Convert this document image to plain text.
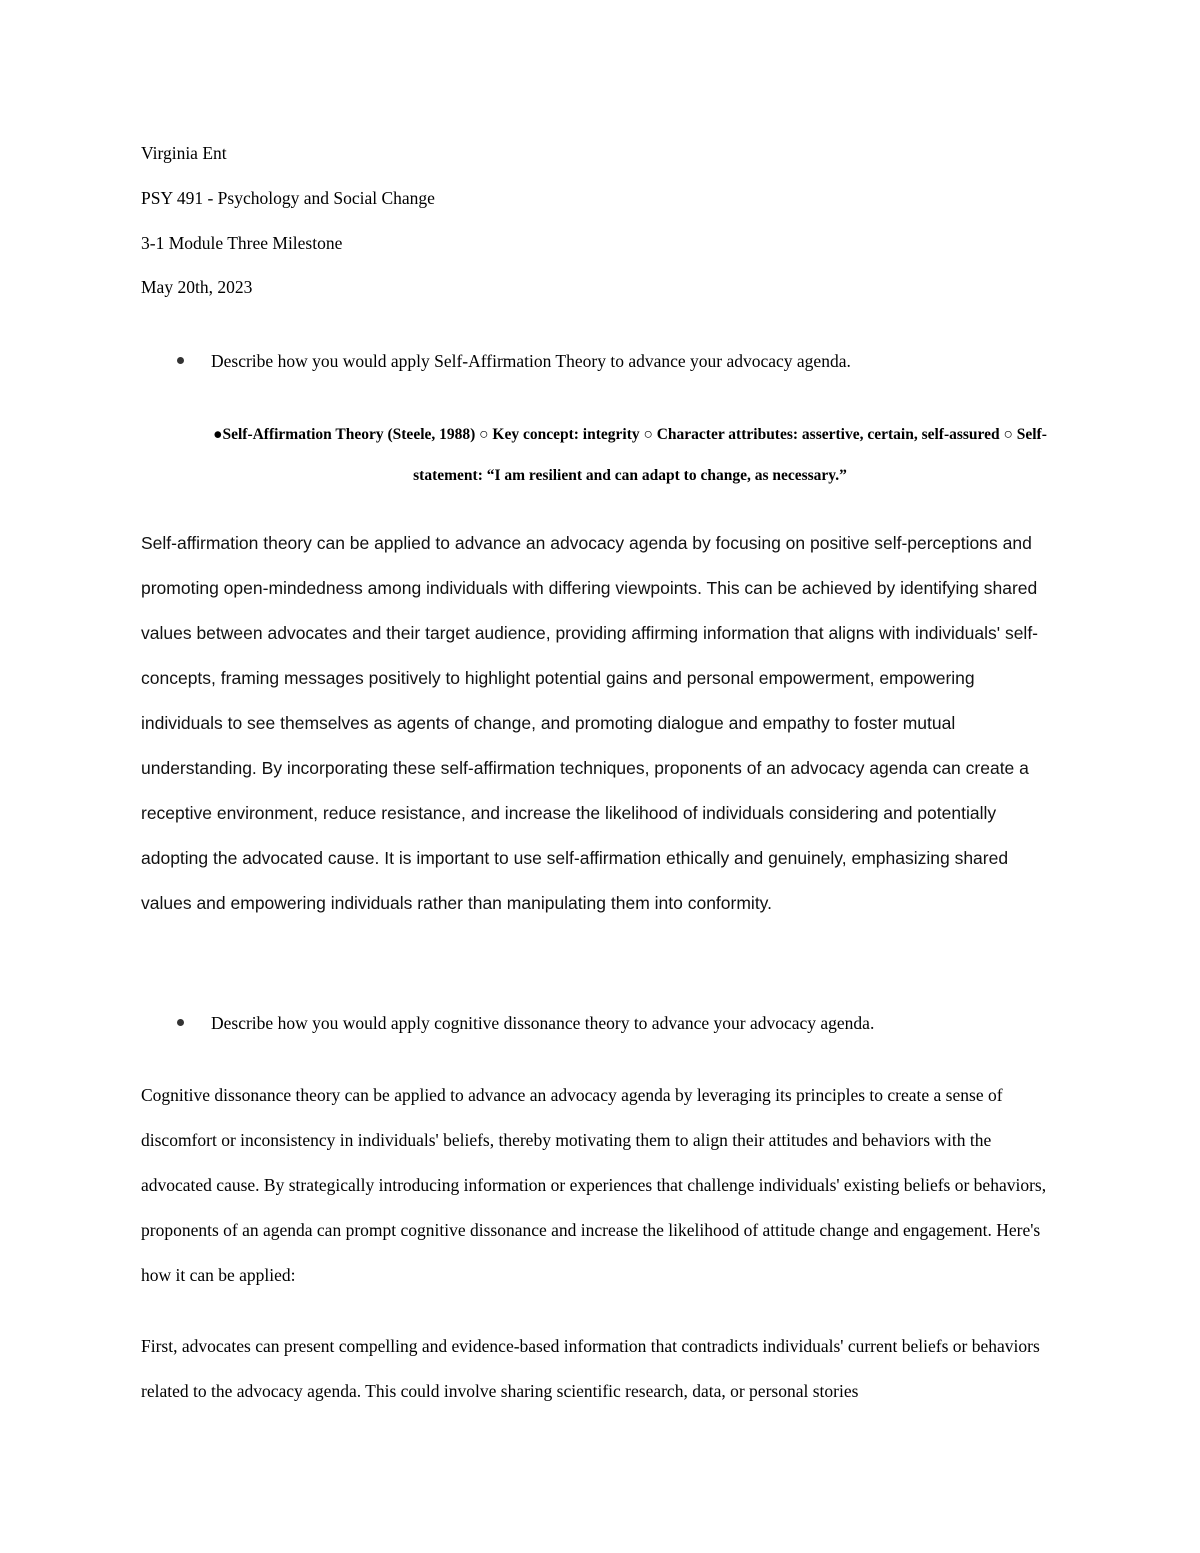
Virginia Ent
PSY 491 - Psychology and Social Change
3-1 Module Three Milestone
May 20th, 2023
Describe how you would apply Self-Affirmation Theory to advance your advocacy agenda.
●Self-Affirmation Theory (Steele, 1988) ○ Key concept: integrity ○ Character attributes: assertive, certain, self-assured ○ Self-statement: “I am resilient and can adapt to change, as necessary.”

Self-affirmation theory can be applied to advance an advocacy agenda by focusing on positive self-perceptions and promoting open-mindedness among individuals with differing viewpoints. This can be achieved by identifying shared values between advocates and their target audience, providing affirming information that aligns with individuals' self-concepts, framing messages positively to highlight potential gains and personal empowerment, empowering individuals to see themselves as agents of change, and promoting dialogue and empathy to foster mutual understanding. By incorporating these self-affirmation techniques, proponents of an advocacy agenda can create a receptive environment, reduce resistance, and increase the likelihood of individuals considering and potentially adopting the advocated cause. It is important to use self-affirmation ethically and genuinely, emphasizing shared values and empowering individuals rather than manipulating them into conformity.

Describe how you would apply cognitive dissonance theory to advance your advocacy agenda.

Cognitive dissonance theory can be applied to advance an advocacy agenda by leveraging its principles to create a sense of discomfort or inconsistency in individuals' beliefs, thereby motivating them to align their attitudes and behaviors with the advocated cause. By strategically introducing information or experiences that challenge individuals' existing beliefs or behaviors, proponents of an agenda can prompt cognitive dissonance and increase the likelihood of attitude change and engagement. Here's how it can be applied:

First, advocates can present compelling and evidence-based information that contradicts individuals' current beliefs or behaviors related to the advocacy agenda. This could involve sharing scientific research, data, or personal stories
